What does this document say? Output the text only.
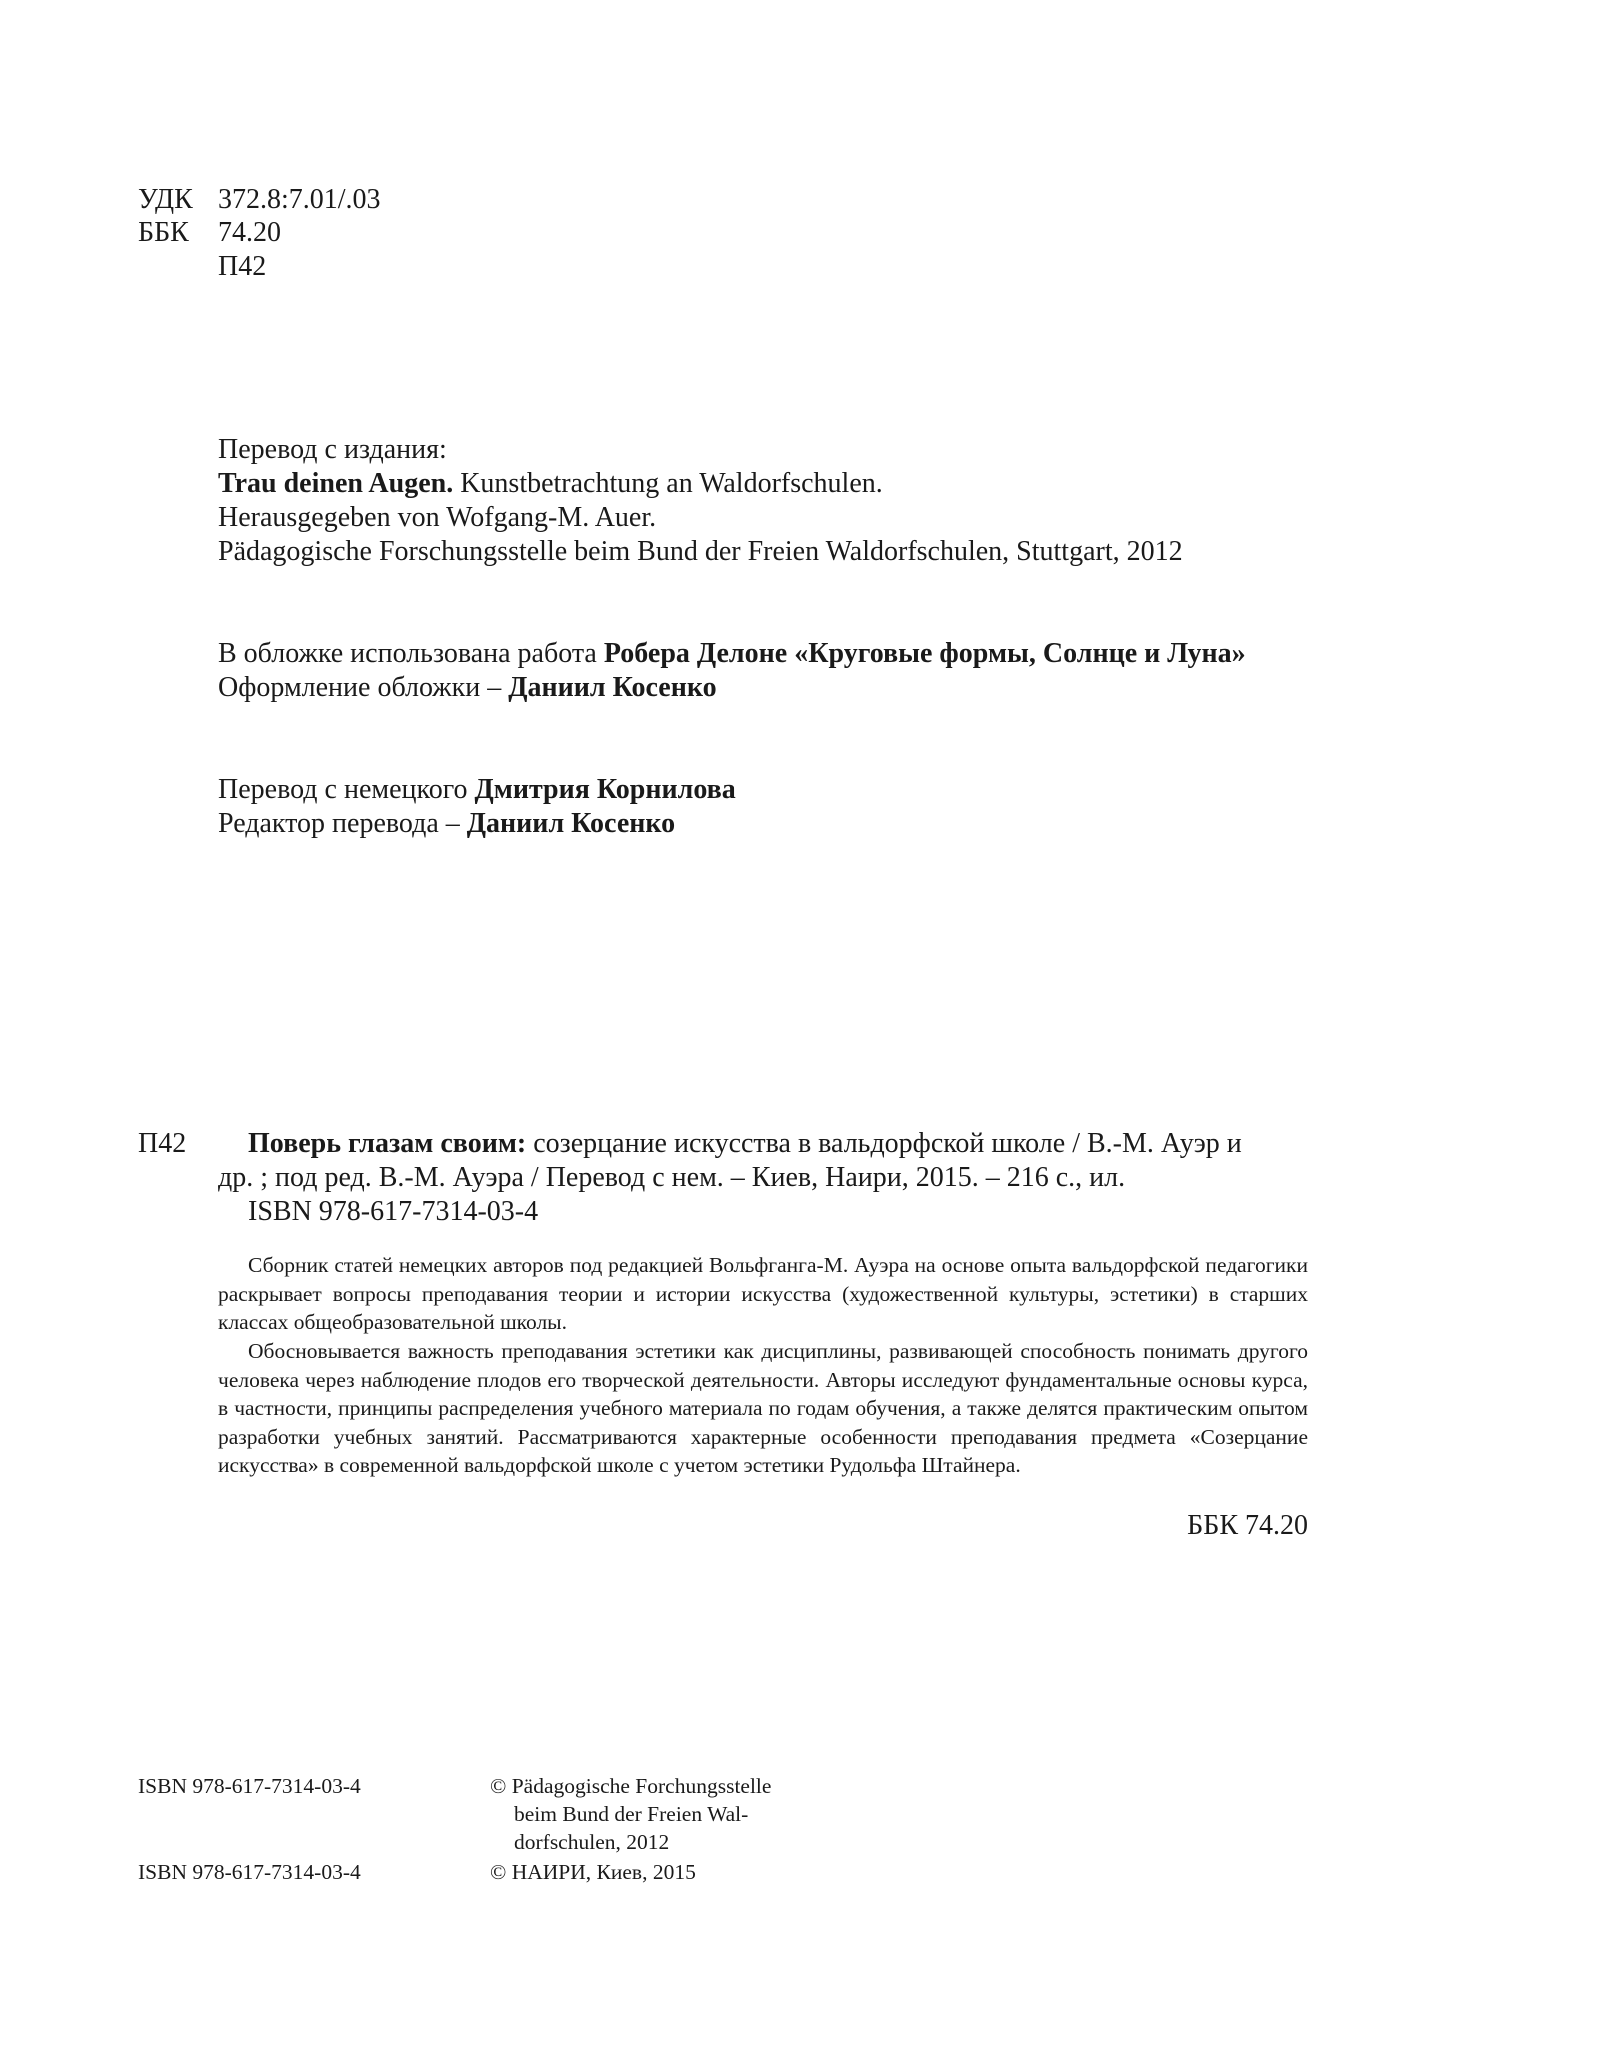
УДК 372.8:7.01/.03
ББК 74.20
П42
Перевод с издания:
Trau deinen Augen. Kunstbetrachtung an Waldorfschulen.
Herausgegeben von Wofgang-M. Auer.
Pädagogische Forschungsstelle beim Bund der Freien Waldorfschulen, Stuttgart, 2012
В обложке использована работа Робера Делоне «Круговые формы, Солнце и Луна»
Оформление обложки – Даниил Косенко
Перевод с немецкого Дмитрия Корнилова
Редактор перевода – Даниил Косенко
П42 Поверь глазам своим: созерцание искусства в вальдорфской школе / В.-М. Ауэр и
др. ; под ред. В.-М. Ауэра / Перевод с нем. – Киев, Наири, 2015. – 216 с., ил.
ISBN 978-617-7314-03-4
Сборник статей немецких авторов под редакцией Вольфганга-М. Ауэра на основе опыта вальдорфской педагогики раскрывает вопросы преподавания теории и истории искусства (художественной культуры, эстетики) в старших классах общеобразовательной школы.
Обосновывается важность преподавания эстетики как дисциплины, развивающей способность понимать другого человека через наблюдение плодов его творческой деятельности. Авторы исследуют фундаментальные основы курса, в частности, принципы распределения учебного материала по годам обучения, а также делятся практическим опытом разработки учебных занятий. Рассматриваются характерные особенности преподавания предмета «Созерцание искусства» в современной вальдорфской школе с учетом эстетики Рудольфа Штайнера.
ББК 74.20
ISBN 978-617-7314-03-4	© Pädagogische Forchungsstelle
beim Bund der Freien Wal-
dorfschulen, 2012
ISBN 978-617-7314-03-4	© НАИРИ, Киев, 2015
